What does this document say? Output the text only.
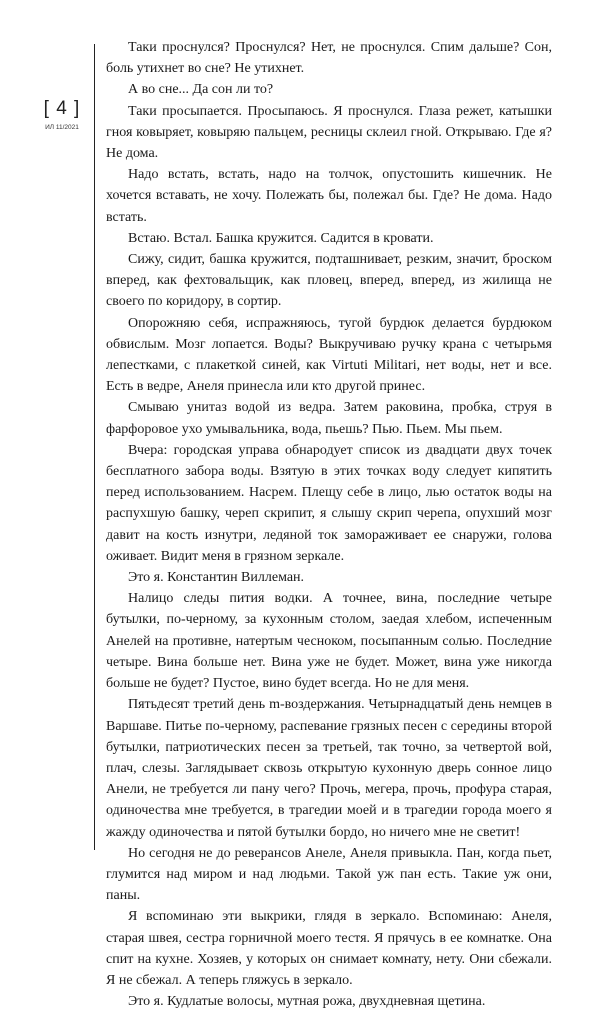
[ 4 ]
ИЛ 11/2021

Таки проснулся? Проснулся? Нет, не проснулся. Спим дальше? Сон, боль утихнет во сне? Не утихнет.

А во сне... Да сон ли то?

Таки просыпается. Просыпаюсь. Я проснулся. Глаза режет, катышки гноя ковыряет, ковыряю пальцем, ресницы склеил гной. Открываю. Где я? Не дома.

Надо встать, встать, надо на толчок, опустошить кишечник. Не хочется вставать, не хочу. Полежать бы, полежал бы. Где? Не дома. Надо встать.

Встаю. Встал. Башка кружится. Садится в кровати.

Сижу, сидит, башка кружится, подташнивает, резким, значит, броском вперед, как фехтовальщик, как пловец, вперед, вперед, из жилища не своего по коридору, в сортир.

Опорожняю себя, испражняюсь, тугой бурдюк делается бурдюком обвислым. Мозг лопается. Воды? Выкручиваю ручку крана с четырьмя лепестками, с плакеткой синей, как Virtuti Militari, нет воды, нет и все. Есть в ведре, Анеля принесла или кто другой принес.

Смываю унитаз водой из ведра. Затем раковина, пробка, струя в фарфоровое ухо умывальника, вода, пьешь? Пью. Пьем. Мы пьем.

Вчера: городская управа обнародует список из двадцати двух точек бесплатного забора воды. Взятую в этих точках воду следует кипятить перед использованием. Насрем. Плещу себе в лицо, лью остаток воды на распухшую башку, череп скрипит, я слышу скрип черепа, опухший мозг давит на кость изнутри, ледяной ток замораживает ее снаружи, голова оживает. Видит меня в грязном зеркале.

Это я. Константин Виллеман.

Налицо следы пития водки. А точнее, вина, последние четыре бутылки, по-черному, за кухонным столом, заедая хлебом, испеченным Анелей на противне, натертым чесноком, посыпанным солью. Последние четыре. Вина больше нет. Вина уже не будет. Может, вина уже никогда больше не будет? Пустое, вино будет всегда. Но не для меня.

Пятьдесят третий день m-воздержания. Четырнадцатый день немцев в Варшаве. Питье по-черному, распевание грязных песен с середины второй бутылки, патриотических песен за третьей, так точно, за четвертой вой, плач, слезы. Заглядывает сквозь открытую кухонную дверь сонное лицо Анели, не требуется ли пану чего? Прочь, мегера, прочь, профура старая, одиночества мне требуется, в трагедии моей и в трагедии города моего я жажду одиночества и пятой бутылки бордо, но ничего мне не светит!

Но сегодня не до реверансов Анеле, Анеля привыкла. Пан, когда пьет, глумится над миром и над людьми. Такой уж пан есть. Такие уж они, паны.

Я вспоминаю эти выкрики, глядя в зеркало. Вспоминаю: Анеля, старая швея, сестра горничной моего тестя. Я прячусь в ее комнатке. Она спит на кухне. Хозяев, у которых он снимает комнату, нету. Они сбежали. Я не сбежал. А теперь гляжусь в зеркало.

Это я. Кудлатые волосы, мутная рожа, двухдневная щетина.
